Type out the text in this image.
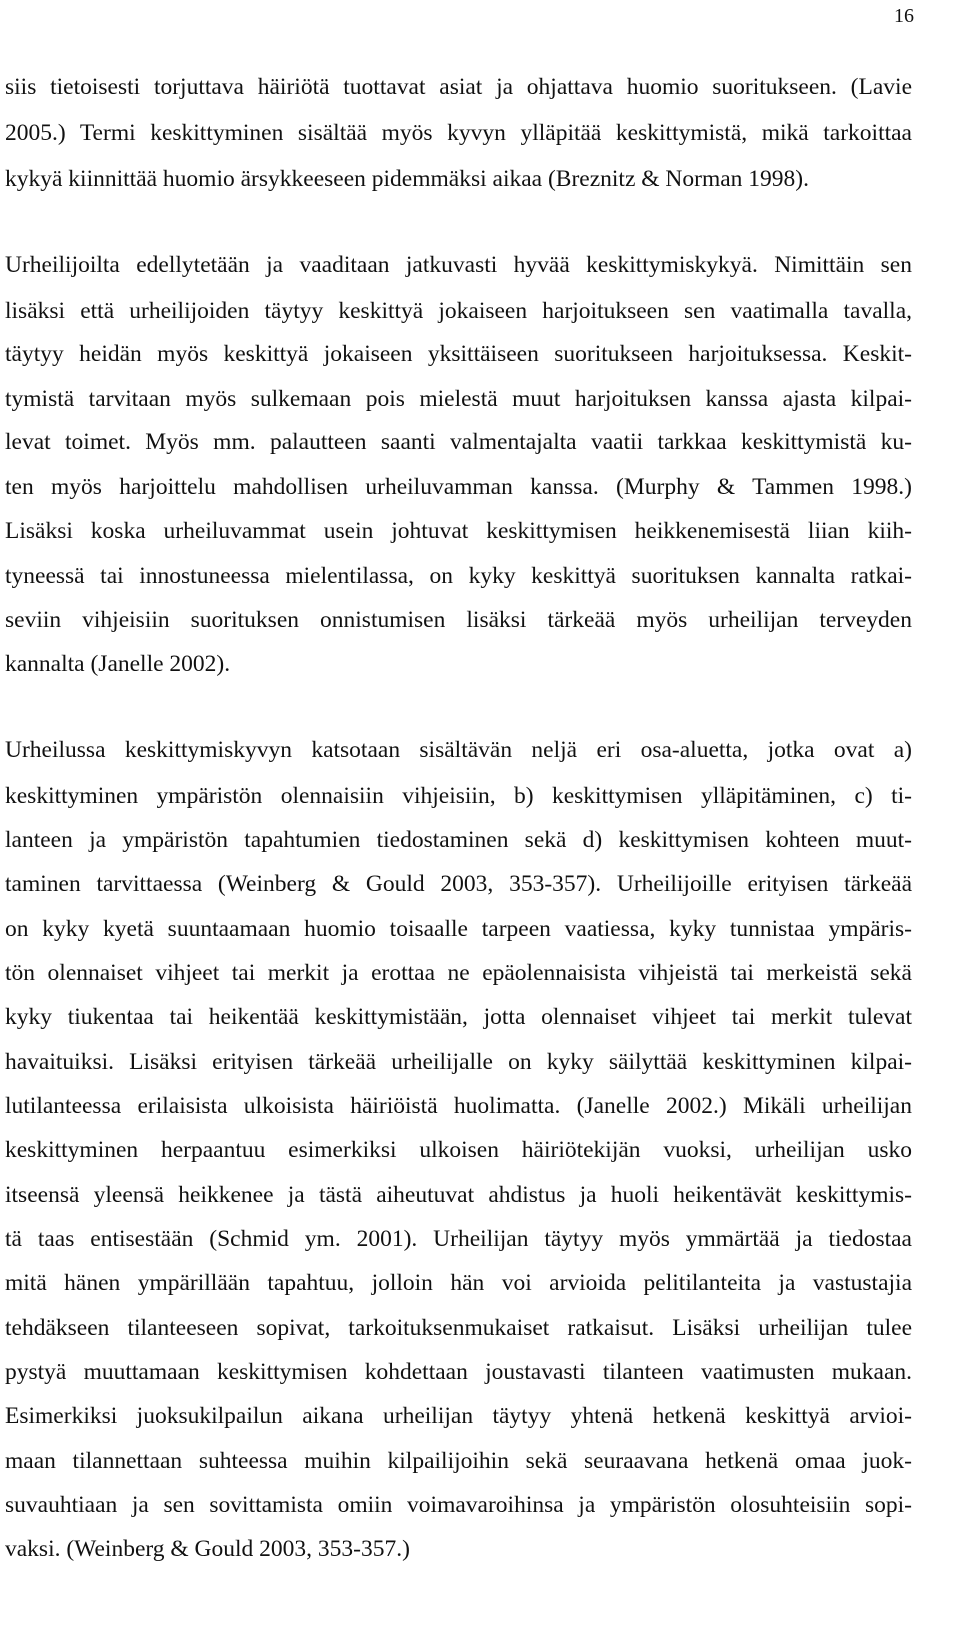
16
siis tietoisesti torjuttava häiriötä tuottavat asiat ja ohjattava huomio suoritukseen. (Lavie
2005.) Termi keskittyminen sisältää myös kyvyn ylläpitää keskittymistä, mikä tarkoittaa
kykyä kiinnittää huomio ärsykkeeseen pidemmäksi aikaa (Breznitz & Norman 1998).
Urheilijoilta edellytetään ja vaaditaan jatkuvasti hyvää keskittymiskykyä. Nimittäin sen
lisäksi että urheilijoiden täytyy keskittyä jokaiseen harjoitukseen sen vaatimalla tavalla,
täytyy heidän myös keskittyä jokaiseen yksittäiseen suoritukseen harjoituksessa. Keskit-
tymistä tarvitaan myös sulkemaan pois mielestä muut harjoituksen kanssa ajasta kilpai-
levat toimet. Myös mm. palautteen saanti valmentajalta vaatii tarkkaa keskittymistä ku-
ten myös harjoittelu mahdollisen urheiluvamman kanssa. (Murphy & Tammen 1998.)
Lisäksi koska urheiluvammat usein johtuvat keskittymisen heikkenemisestä liian kiih-
tyneessä tai innostuneessa mielentilassa, on kyky keskittyä suorituksen kannalta ratkai-
seviin vihjeisiin suorituksen onnistumisen lisäksi tärkeää myös urheilijan terveyden
kannalta (Janelle 2002).
Urheilussa keskittymiskyvyn katsotaan sisältävän neljä eri osa-aluetta, jotka ovat a)
keskittyminen ympäristön olennaisiin vihjeisiin, b) keskittymisen ylläpitäminen, c) ti-
lanteen ja ympäristön tapahtumien tiedostaminen sekä d) keskittymisen kohteen muut-
taminen tarvittaessa (Weinberg & Gould 2003, 353-357). Urheilijoille erityisen tärkeää
on kyky kyetä suuntaamaan huomio toisaalle tarpeen vaatiessa, kyky tunnistaa ympäris-
tön olennaiset vihjeet tai merkit ja erottaa ne epäolennaisista vihjeistä tai merkeistä sekä
kyky tiukentaa tai heikentää keskittymistään, jotta olennaiset vihjeet tai merkit tulevat
havaituiksi. Lisäksi erityisen tärkeää urheilijalle on kyky säilyttää keskittyminen kilpai-
lutilanteessa erilaisista ulkoisista häiriöistä huolimatta. (Janelle 2002.) Mikäli urheilijan
keskittyminen herpaantuu esimerkiksi ulkoisen häiriötekijän vuoksi, urheilijan usko
itseensä yleensä heikkenee ja tästä aiheutuvat ahdistus ja huoli heikentävät keskittymis-
tä taas entisestään (Schmid ym. 2001). Urheilijan täytyy myös ymmärtää ja tiedostaa
mitä hänen ympärillään tapahtuu, jolloin hän voi arvioida pelitilanteita ja vastustajia
tehdäkseen tilanteeseen sopivat, tarkoituksenmukaiset ratkaisut. Lisäksi urheilijan tulee
pystyä muuttamaan keskittymisen kohdettaan joustavasti tilanteen vaatimusten mukaan.
Esimerkiksi juoksukilpailun aikana urheilijan täytyy yhtenä hetkenä keskittyä arvioi-
maan tilannettaan suhteessa muihin kilpailijoihin sekä seuraavana hetkenä omaa juok-
suvauhtiaan ja sen sovittamista omiin voimavaroihinsa ja ympäristön olosuhteisiin sopi-
vaksi. (Weinberg & Gould 2003, 353-357.)
